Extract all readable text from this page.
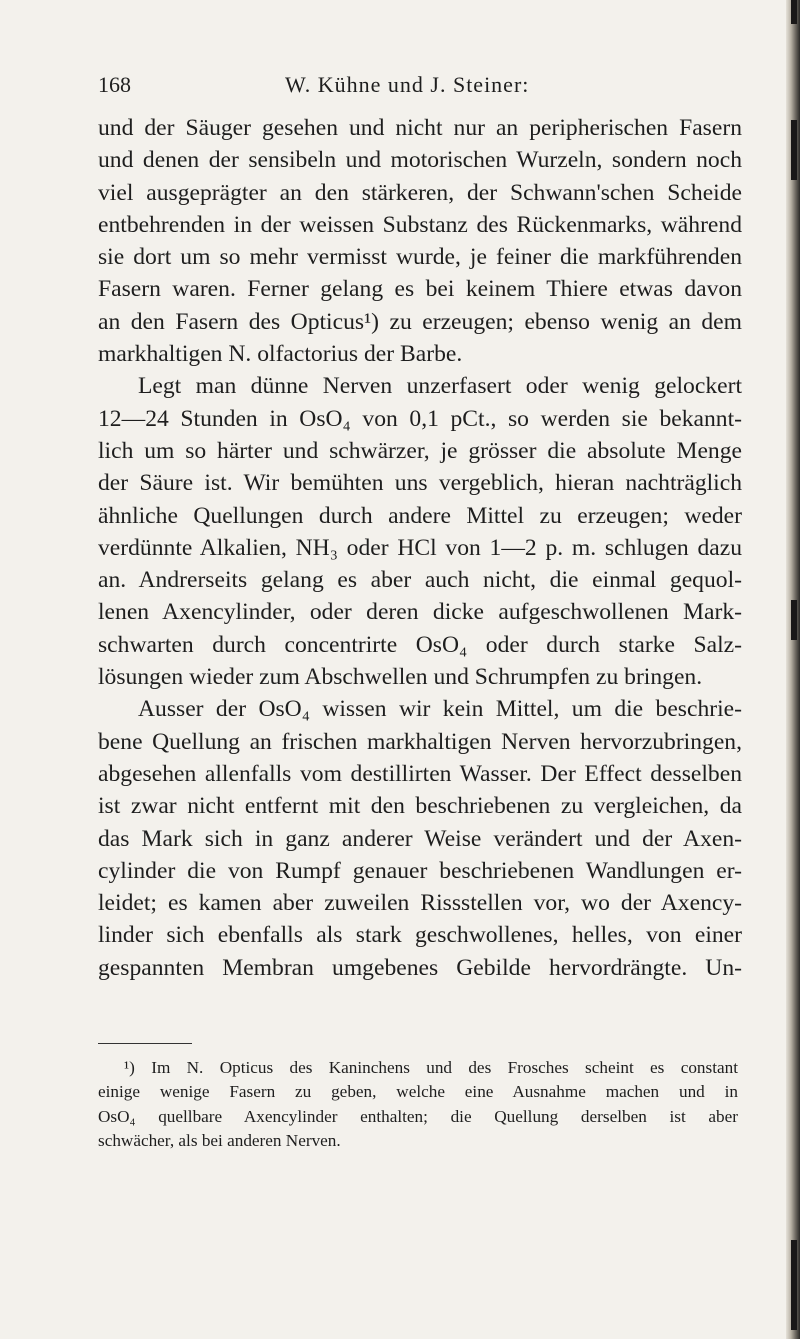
168	W. Kühne und J. Steiner:
und der Säuger gesehen und nicht nur an peripherischen Fasern
und denen der sensibeln und motorischen Wurzeln, sondern noch
viel ausgeprägter an den stärkeren, der Schwann'schen Scheide
entbehrenden in der weissen Substanz des Rückenmarks, während
sie dort um so mehr vermisst wurde, je feiner die markführenden
Fasern waren. Ferner gelang es bei keinem Thiere etwas davon
an den Fasern des Opticus¹) zu erzeugen; ebenso wenig an dem
markhaltigen N. olfactorius der Barbe.
Legt man dünne Nerven unzerfasert oder wenig gelockert
12—24 Stunden in OsO₄ von 0,1 pCt., so werden sie bekannt-
lich um so härter und schwärzer, je grösser die absolute Menge
der Säure ist. Wir bemühten uns vergeblich, hieran nachträglich
ähnliche Quellungen durch andere Mittel zu erzeugen; weder
verdünnte Alkalien, NH₃ oder HCl von 1—2 p. m. schlugen dazu
an. Andrerseits gelang es aber auch nicht, die einmal gequol-
lenen Axencylinder, oder deren dicke aufgeschwollenen Mark-
schwarten durch concentrirte OsO₄ oder durch starke Salz-
lösungen wieder zum Abschwellen und Schrumpfen zu bringen.
Ausser der OsO₄ wissen wir kein Mittel, um die beschrie-
bene Quellung an frischen markhaltigen Nerven hervorzubringen,
abgesehen allenfalls vom destillirten Wasser. Der Effect desselben
ist zwar nicht entfernt mit den beschriebenen zu vergleichen, da
das Mark sich in ganz anderer Weise verändert und der Axen-
cylinder die von Rumpf genauer beschriebenen Wandlungen er-
leidet; es kamen aber zuweilen Rissstellen vor, wo der Axency-
linder sich ebenfalls als stark geschwollenes, helles, von einer
gespannten Membran umgebenes Gebilde hervordrängte. Un-
¹) Im N. Opticus des Kaninchens und des Frosches scheint es constant
einige wenige Fasern zu geben, welche eine Ausnahme machen und in
OsO₄ quellbare Axencylinder enthalten; die Quellung derselben ist aber
schwächer, als bei anderen Nerven.
